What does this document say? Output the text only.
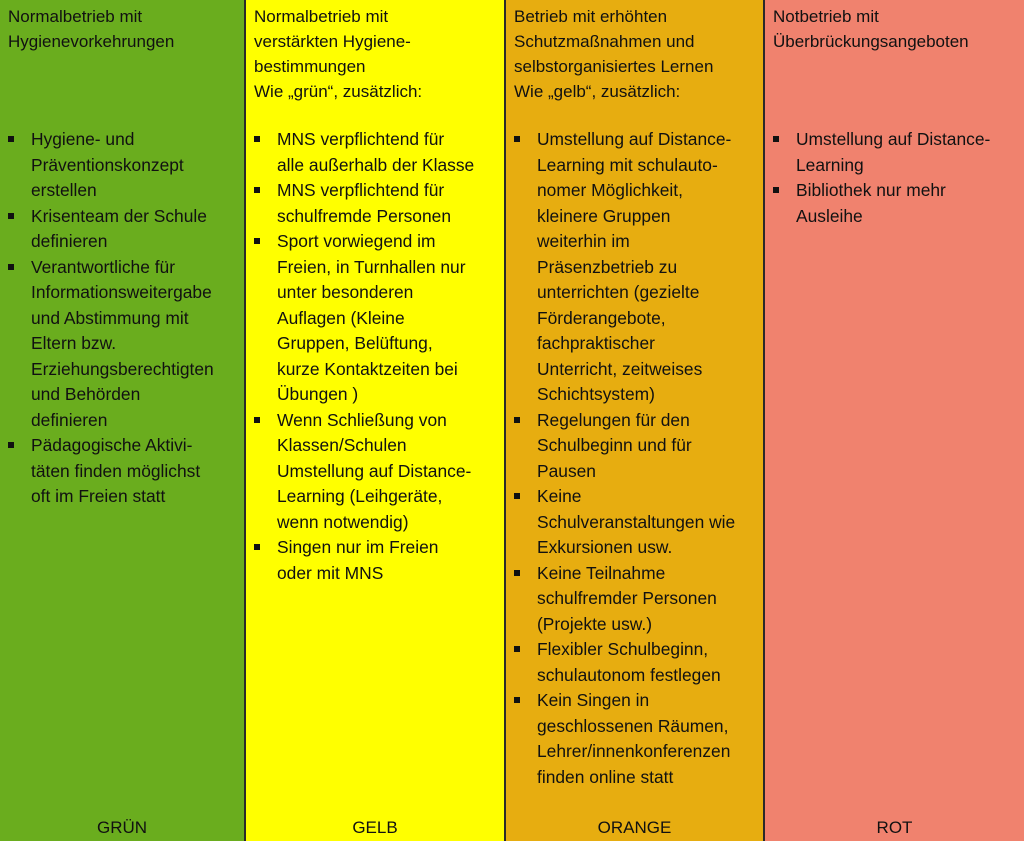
Normalbetrieb mit
Hygienevorkehrungen

Hygiene- und
Präventionskonzept
erstellen
Krisenteam der Schule
definieren
Verantwortliche für
Informationsweitergabe
und Abstimmung mit
Eltern bzw.
Erziehungsberechtigten
und Behörden
definieren
Pädagogische Aktivi-
täten finden möglichst
oft im Freien statt
GRÜN

Normalbetrieb mit
verstärkten Hygiene-
bestimmungen

Wie „grün“, zusätzlich:

MNS verpflichtend für
alle außerhalb der Klasse
MNS verpflichtend für
schulfremde Personen
Sport vorwiegend im
Freien, in Turnhallen nur
unter besonderen
Auflagen (Kleine
Gruppen, Belüftung,
kurze Kontaktzeiten bei
Übungen )
Wenn Schließung von
Klassen/Schulen
Umstellung auf Distance-
Learning (Leihgeräte,
wenn notwendig)
Singen nur im Freien
oder mit MNS
GELB

Betrieb mit erhöhten
Schutzmaßnahmen und
selbstorganisiertes Lernen

Wie „gelb“, zusätzlich:

Umstellung auf Distance-
Learning mit schulauto-
nomer Möglichkeit,
kleinere Gruppen
weiterhin im
Präsenzbetrieb zu
unterrichten (gezielte
Förderangebote,
fachpraktischer
Unterricht, zeitweises
Schichtsystem)
Regelungen für den
Schulbeginn und für
Pausen
Keine
Schulveranstaltungen wie
Exkursionen usw.
Keine Teilnahme
schulfremder Personen
(Projekte usw.)
Flexibler Schulbeginn,
schulautonom festlegen
Kein Singen in
geschlossenen Räumen,
Lehrer/innenkonferenzen
finden online statt
ORANGE

Notbetrieb mit
Überbrückungsangeboten

Umstellung auf Distance-
Learning
Bibliothek nur mehr
Ausleihe
ROT
